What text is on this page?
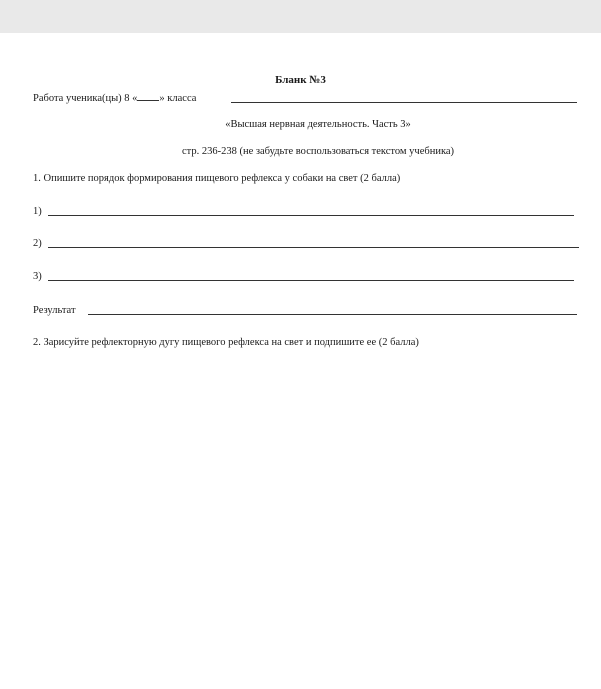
Бланк №3
Работа ученика(цы) 8 « » класса
«Высшая нервная деятельность. Часть 3»
стр. 236-238 (не забудьте воспользоваться текстом учебника)
1. Опишите порядок формирования пищевого рефлекса у собаки на свет (2 балла)
1)
2)
3)
Результат
2. Зарисуйте рефлекторную дугу пищевого рефлекса на свет и подпишите ее (2 балла)
